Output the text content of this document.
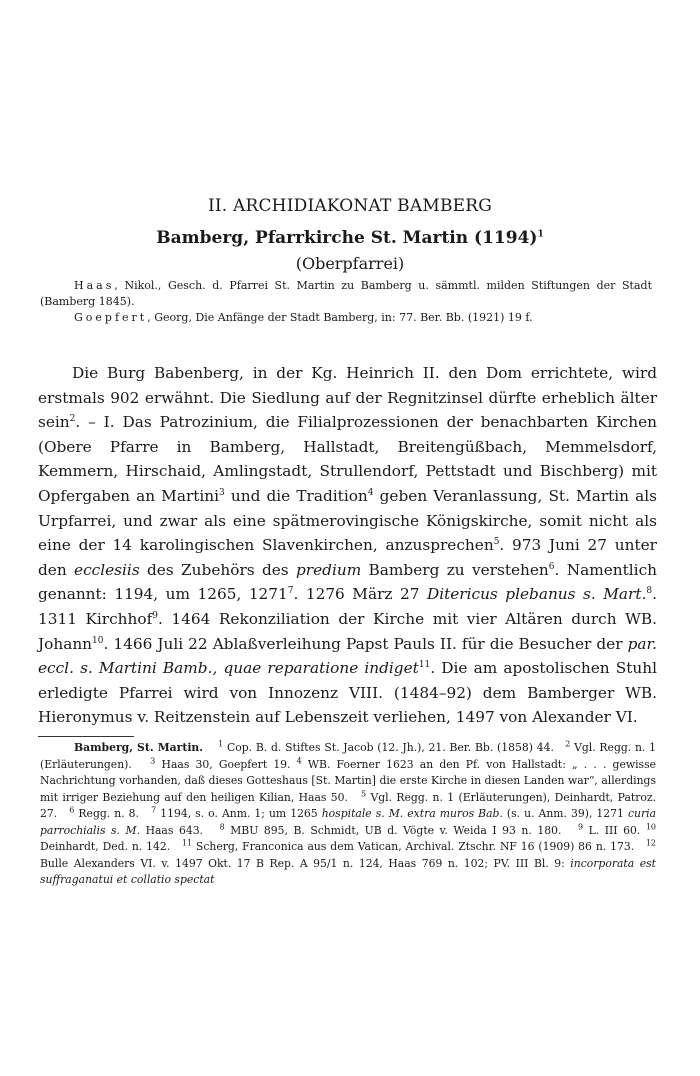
II. ARCHIDIAKONAT BAMBERG
Bamberg, Pfarrkirche St. Martin $(1194)^1$
(Oberpfarrei)

Haas, Nikol., Gesch. d. Pfarrei St. Martin zu Bamberg u. sämmtl. milden Stiftungen der Stadt (Bamberg 1845).

Goepfert, Georg, Die Anfänge der Stadt Bamberg, in: 77. Ber. Bb. (1921) 19 f.

Die Burg Babenberg, in der Kg. Heinrich II. den Dom errichtete, wird erstmals 902 erwähnt. Die Siedlung auf der Regnitzinsel dürfte erheblich älter sein$^2$. – I. Das Patrozinium, die Filialprozessionen der benachbarten Kirchen (Obere Pfarre in Bamberg, Hallstadt, Breitengüßbach, Memmelsdorf, Kemmern, Hirschaid, Amlingstadt, Strullendorf, Pettstadt und Bischberg) mit Opfergaben an Martini$^3$ und die Tradition$^4$ geben Veranlassung, St. Martin als Urpfarrei, und zwar als eine spätmerovingische Königskirche, somit nicht als eine der 14 karolingischen Slavenkirchen, anzusprechen$^5$. 973 Juni 27 unter den ecclesiis des Zubehörs des predium Bamberg zu verstehen$^6$. Namentlich genannt: 1194, um 1265, 1271$^7$. 1276 März 27 Ditericus plebanus s. Mart.$^8$. 1311 Kirchhof$^9$. 1464 Rekonziliation der Kirche mit vier Altären durch WB. Johann$^{10}$. 1466 Juli 22 Ablaßverleihung Papst Pauls II. für die Besucher der par. eccl. s. Martini Bamb., quae reparatione indiget$^{11}$. Die am apostolischen Stuhl erledigte Pfarrei wird von Innozenz VIII. (1484–92) dem Bamberger WB. Hieronymus v. Reitzenstein auf Lebenszeit verliehen, 1497 von Alexander VI.

Bamberg, St. Martin. $^1$ Cop. B. d. Stiftes St. Jacob (12. Jh.), 21. Ber. Bb. (1858) 44. $^2$ Vgl. Regg. n. 1 (Erläuterungen). $^3$ Haas 30, Goepfert 19. $^4$ WB. Foerner 1623 an den Pf. von Hallstadt: „ . . . gewisse Nachrichtung vorhanden, daß dieses Gotteshaus [St. Martin] die erste Kirche in diesen Landen war“, allerdings mit irriger Beziehung auf den heiligen Kilian, Haas 50. $^5$ Vgl. Regg. n. 1 (Erläuterungen), Deinhardt, Patroz. 27. $^6$ Regg. n. 8. $^7$ 1194, s. o. Anm. 1; um 1265 hospitale s. M. extra muros Bab. (s. u. Anm. 39), 1271 curia parrochialis s. M. Haas 643. $^8$ MBU 895, B. Schmidt, UB d. Vögte v. Weida I 93 n. 180. $^9$ L. III 60. $^{10}$ Deinhardt, Ded. n. 142. $^{11}$ Scherg, Franconica aus dem Vatican, Archival. Ztschr. NF 16 (1909) 86 n. 173. $^{12}$ Bulle Alexanders VI. v. 1497 Okt. 17 B Rep. A 95/1 n. 124, Haas 769 n. 102; PV. III Bl. 9: incorporata est suffraganatui et collatio spectat
